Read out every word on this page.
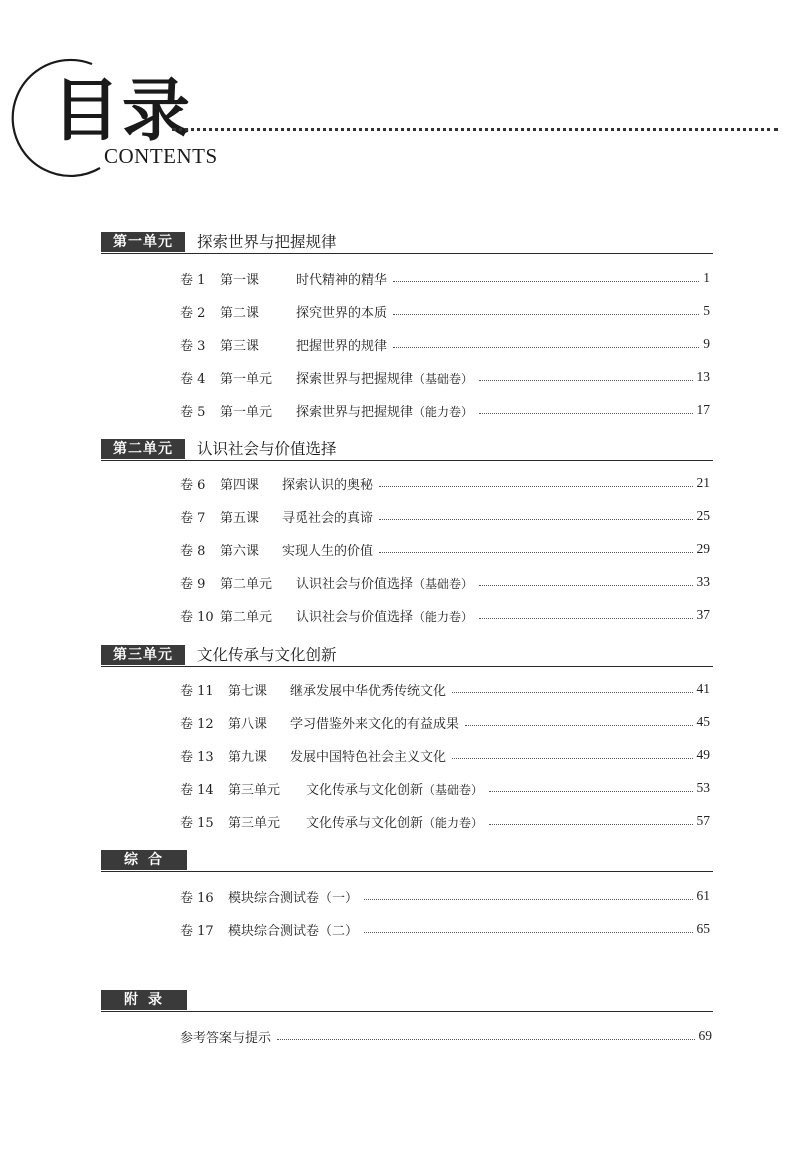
目录
CONTENTS
第一单元	探索世界与把握规律
卷 1	第一课	时代精神的精华	1
卷 2	第二课	探究世界的本质	5
卷 3	第三课	把握世界的规律	9
卷 4	第一单元	探索世界与把握规律（基础卷）	13
卷 5	第一单元	探索世界与把握规律（能力卷）	17
第二单元	认识社会与价值选择
卷 6	第四课	探索认识的奥秘	21
卷 7	第五课	寻觅社会的真谛	25
卷 8	第六课	实现人生的价值	29
卷 9	第二单元	认识社会与价值选择（基础卷）	33
卷 10 第二单元	认识社会与价值选择（能力卷）	37
第三单元	文化传承与文化创新
卷 11	第七课	继承发展中华优秀传统文化	41
卷 12	第八课	学习借鉴外来文化的有益成果	45
卷 13	第九课	发展中国特色社会主义文化	49
卷 14	第三单元	文化传承与文化创新（基础卷）	53
卷 15	第三单元	文化传承与文化创新（能力卷）	57
综合
卷 16	模块综合测试卷（一）	61
卷 17	模块综合测试卷（二）	65
附录
参考答案与提示	69
